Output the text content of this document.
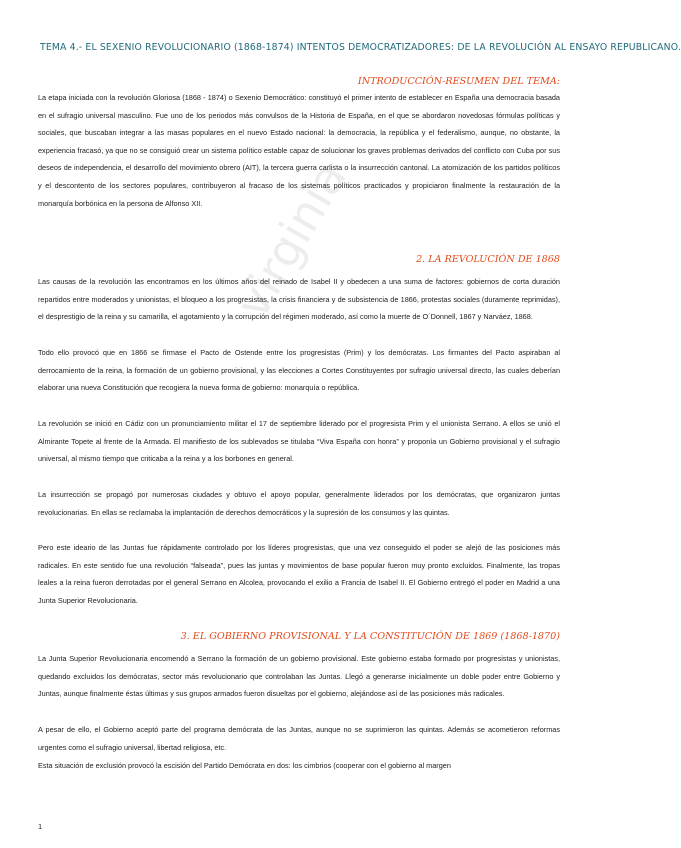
virginia
TEMA 4.- EL SEXENIO REVOLUCIONARIO (1868-1874) INTENTOS DEMOCRATIZADORES: DE LA REVOLUCIÓN AL ENSAYO REPUBLICANO.
INTRODUCCIÓN-RESUMEN DEL TEMA:

La etapa iniciada con la revolución Gloriosa (1868 - 1874) o Sexenio Democrático: constituyó el primer intento de establecer en España una democracia basada en el sufragio universal masculino. Fue uno de los periodos más convulsos de la Historia de España, en el que se abordaron novedosas fórmulas políticas y sociales, que buscaban integrar a las masas populares en el nuevo Estado nacional: la democracia, la república y el federalismo, aunque, no obstante, la experiencia fracasó, ya que no se consiguió crear un sistema político estable capaz de solucionar los graves problemas derivados del conflicto con Cuba por sus deseos de independencia, el desarrollo del movimiento obrero (AIT), la tercera guerra carlista o la insurrección cantonal. La atomización de los partidos políticos y el descontento de los sectores populares, contribuyeron al fracaso de los sistemas políticos practicados y propiciaron finalmente la restauración de la monarquía borbónica en la persona de Alfonso XII.

2. LA REVOLUCIÓN DE 1868

Las causas de la revolución las encontramos en los últimos años del reinado de Isabel II y obedecen a una suma de factores: gobiernos de corta duración repartidos entre moderados y unionistas, el bloqueo a los progresistas, la crisis financiera y de subsistencia de 1866, protestas sociales (duramente reprimidas), el desprestigio de la reina y su camarilla, el agotamiento y la corrupción del régimen moderado, así como la muerte de O´Donnell, 1867 y Narváez, 1868.

Todo ello provocó que en 1866 se firmase el Pacto de Ostende entre los progresistas (Prim) y los demócratas. Los firmantes del Pacto aspiraban al derrocamiento de la reina, la formación de un gobierno provisional, y las elecciones a Cortes Constituyentes por sufragio universal directo, las cuales deberían elaborar una nueva Constitución que recogiera la nueva forma de gobierno: monarquía o república.

La revolución se inició en Cádiz con un pronunciamiento militar el 17 de septiembre liderado por el progresista Prim y el unionista Serrano. A ellos se unió el Almirante Topete al frente de la Armada. El manifiesto de los sublevados se titulaba “Viva España con honra” y proponía un Gobierno provisional y el sufragio universal, al mismo tiempo que criticaba a la reina y a los borbones en general.

La insurrección se propagó por numerosas ciudades y obtuvo el apoyo popular, generalmente liderados por los demócratas, que organizaron juntas revolucionarias. En ellas se reclamaba la implantación de derechos democráticos y la supresión de los consumos y las quintas.

Pero este ideario de las Juntas fue rápidamente controlado por los líderes progresistas, que una vez conseguido el poder se alejó de las posiciones más radicales. En este sentido fue una revolución “falseada”, pues las juntas y movimientos de base popular fueron muy pronto excluidos. Finalmente, las tropas leales a la reina fueron derrotadas por el general Serrano en Alcolea, provocando el exilio a Francia de Isabel II. El Gobierno entregó el poder en Madrid a una Junta Superior Revolucionaria.

3. EL GOBIERNO PROVISIONAL Y LA CONSTITUCIÓN DE 1869 (1868-1870)

La Junta Superior Revolucionaria encomendó a Serrano la formación de un gobierno provisional. Este gobierno estaba formado por progresistas y unionistas, quedando excluidos los demócratas, sector más revolucionario que controlaban las Juntas. Llegó a generarse inicialmente un doble poder entre Gobierno y Juntas, aunque finalmente éstas últimas y sus grupos armados fueron disueltas por el gobierno, alejándose así de las posiciones más radicales.

A pesar de ello, el Gobierno aceptó parte del programa demócrata de las Juntas, aunque no se suprimieron las quintas. Además se acometieron reformas urgentes como el sufragio universal, libertad religiosa, etc.

Esta situación de exclusión provocó la escisión del Partido Demócrata en dos: los cimbrios (cooperar con el gobierno al margen

1
